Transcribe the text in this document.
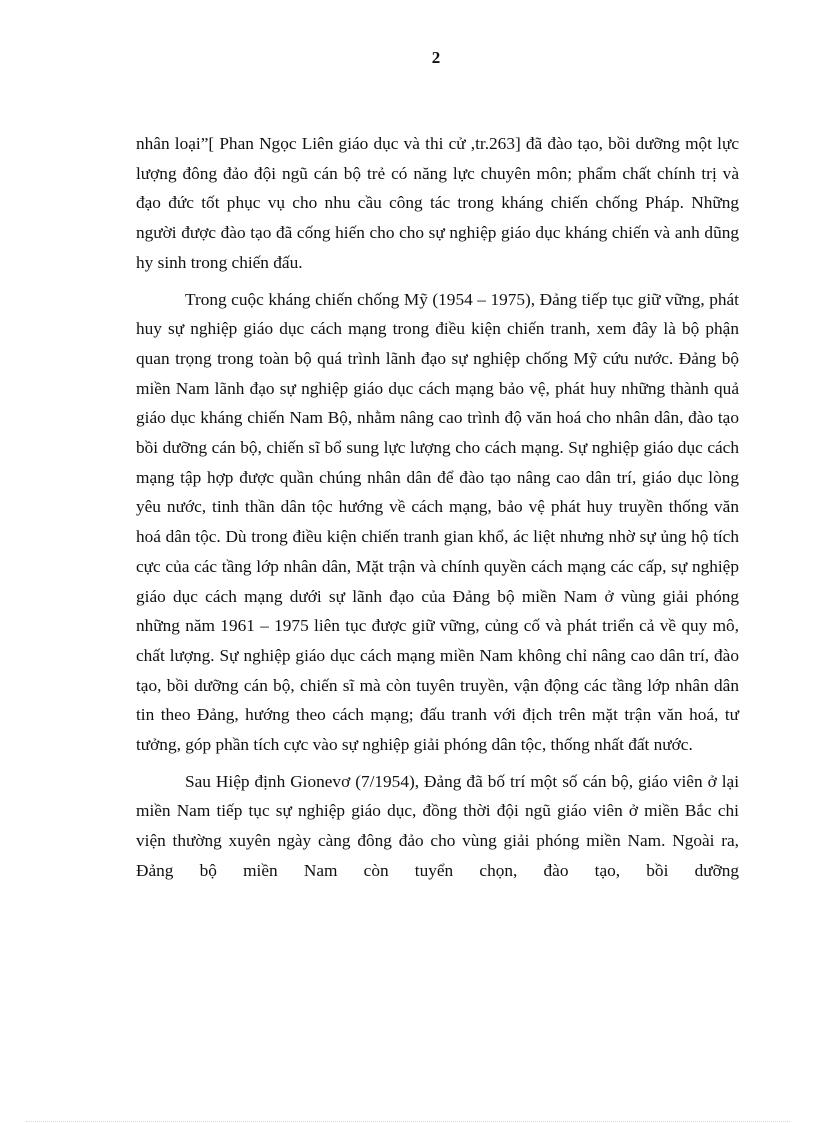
2

nhân loại”[ Phan Ngọc Liên giáo dục và thi cử ,tr.263] đã đào tạo, bồi dưỡng một lực lượng đông đảo đội ngũ cán bộ trẻ có năng lực chuyên môn; phẩm chất chính trị và đạo đức tốt phục vụ cho nhu cầu công tác trong kháng chiến chống Pháp. Những người được đào tạo đã cống hiến cho cho sự nghiệp giáo dục kháng chiến và anh dũng hy sinh trong chiến đấu.

Trong cuộc kháng chiến chống Mỹ (1954 – 1975), Đảng tiếp tục giữ vững, phát huy sự nghiệp giáo dục cách mạng trong điều kiện chiến tranh, xem đây là bộ phận quan trọng trong toàn bộ quá trình lãnh đạo sự nghiệp chống Mỹ cứu nước. Đảng bộ miền Nam lãnh đạo sự nghiệp giáo dục cách mạng bảo vệ, phát huy những thành quả giáo dục kháng chiến Nam Bộ, nhằm nâng cao trình độ văn hoá cho nhân dân, đào tạo bồi dưỡng cán bộ, chiến sĩ bổ sung lực lượng cho cách mạng. Sự nghiệp giáo dục cách mạng tập hợp được quần chúng nhân dân để đào tạo nâng cao dân trí, giáo dục lòng yêu nước, tinh thần dân tộc hướng về cách mạng, bảo vệ phát huy truyền thống văn hoá dân tộc. Dù trong điều kiện chiến tranh gian khổ, ác liệt nhưng nhờ sự ủng hộ tích cực của các tầng lớp nhân dân, Mặt trận và chính quyền cách mạng các cấp, sự nghiệp giáo dục cách mạng dưới sự lãnh đạo của Đảng bộ miền Nam ở vùng giải phóng những năm 1961 – 1975 liên tục được giữ vững, củng cố và phát triển cả về quy mô, chất lượng. Sự nghiệp giáo dục cách mạng miền Nam không chỉ nâng cao dân trí, đào tạo, bồi dưỡng cán bộ, chiến sĩ mà còn tuyên truyền, vận động các tầng lớp nhân dân tin theo Đảng, hướng theo cách mạng; đấu tranh với địch trên mặt trận văn hoá, tư tưởng, góp phần tích cực vào sự nghiệp giải phóng dân tộc, thống nhất đất nước.

Sau Hiệp định Gionevơ (7/1954), Đảng đã bố trí một số cán bộ, giáo viên ở lại miền Nam tiếp tục sự nghiệp giáo dục, đồng thời đội ngũ giáo viên ở miền Bắc chi viện thường xuyên ngày càng đông đảo cho vùng giải phóng miền Nam. Ngoài ra, Đảng bộ miền Nam còn tuyển chọn, đào tạo, bồi dưỡng
